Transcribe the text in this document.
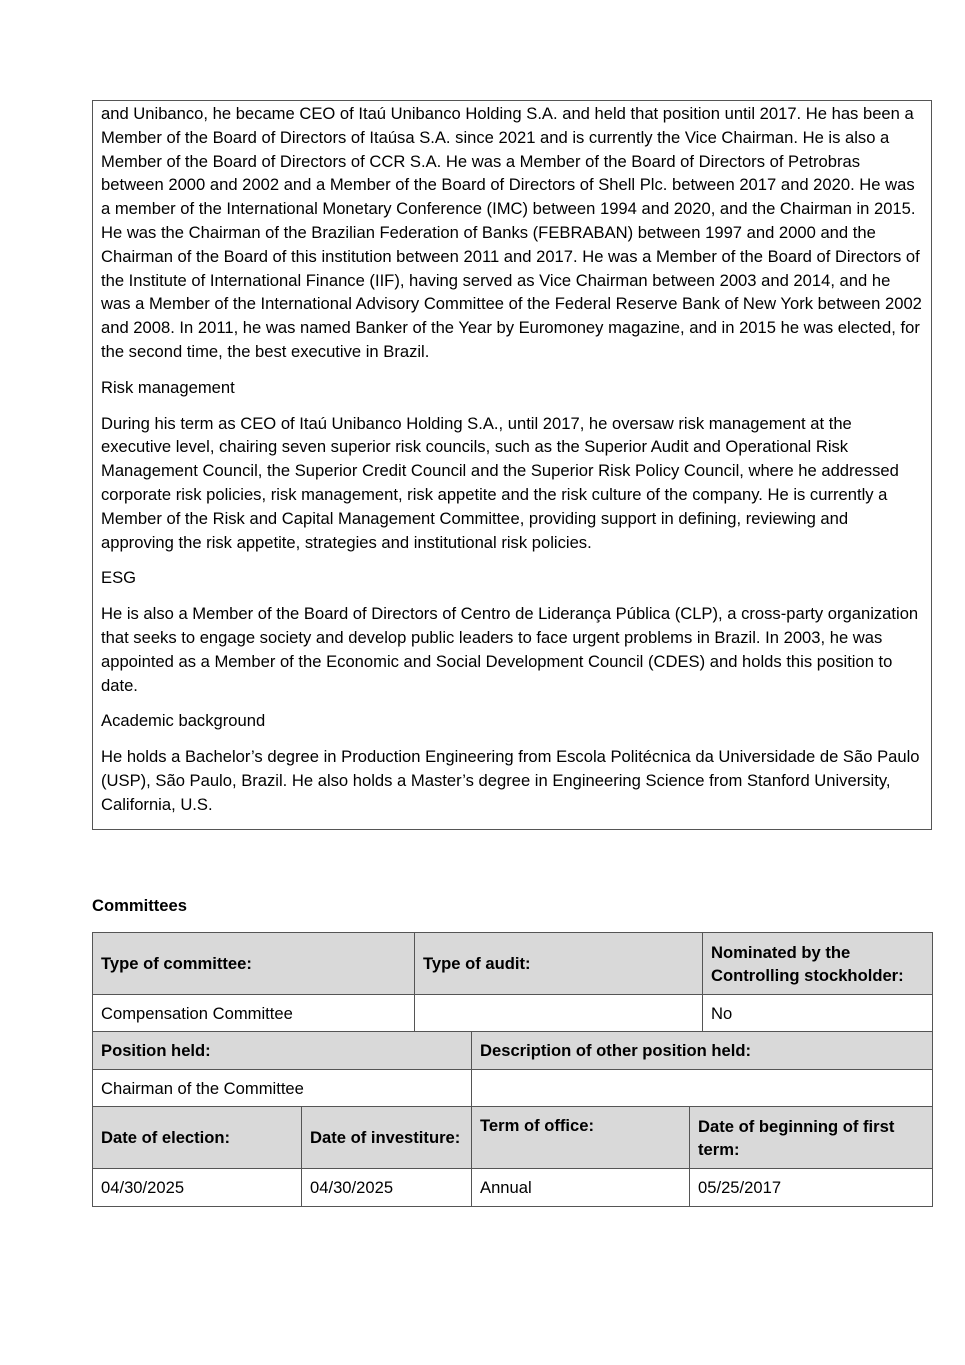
and Unibanco, he became CEO of Itaú Unibanco Holding S.A. and held that position until 2017. He has been a Member of the Board of Directors of Itaúsa S.A. since 2021 and is currently the Vice Chairman. He is also a Member of the Board of Directors of CCR S.A. He was a Member of the Board of Directors of Petrobras between 2000 and 2002 and a Member of the Board of Directors of Shell Plc. between 2017 and 2020. He was a member of the International Monetary Conference (IMC) between 1994 and 2020, and the Chairman in 2015. He was the Chairman of the Brazilian Federation of Banks (FEBRABAN) between 1997 and 2000 and the Chairman of the Board of this institution between 2011 and 2017. He was a Member of the Board of Directors of the Institute of International Finance (IIF), having served as Vice Chairman between 2003 and 2014, and he was a Member of the International Advisory Committee of the Federal Reserve Bank of New York between 2002 and 2008. In 2011, he was named Banker of the Year by Euromoney magazine, and in 2015 he was elected, for the second time, the best executive in Brazil.

Risk management

During his term as CEO of Itaú Unibanco Holding S.A., until 2017, he oversaw risk management at the executive level, chairing seven superior risk councils, such as the Superior Audit and Operational Risk Management Council, the Superior Credit Council and the Superior Risk Policy Council, where he addressed corporate risk policies, risk management, risk appetite and the risk culture of the company. He is currently a Member of the Risk and Capital Management Committee, providing support in defining, reviewing and approving the risk appetite, strategies and institutional risk policies.

ESG

He is also a Member of the Board of Directors of Centro de Liderança Pública (CLP), a cross-party organization that seeks to engage society and develop public leaders to face urgent problems in Brazil. In 2003, he was appointed as a Member of the Economic and Social Development Council (CDES) and holds this position to date.

Academic background

He holds a Bachelor’s degree in Production Engineering from Escola Politécnica da Universidade de São Paulo (USP), São Paulo, Brazil. He also holds a Master’s degree in Engineering Science from Stanford University, California, U.S.

Committees

Type of committee:	Type of audit:	Nominated by the Controlling stockholder:
Compensation Committee		No
Position held:	Description of other position held:
Chairman of the Committee	
Date of election:	Date of investiture:	Term of office:	Date of beginning of first term:
04/30/2025	04/30/2025	Annual	05/25/2017
